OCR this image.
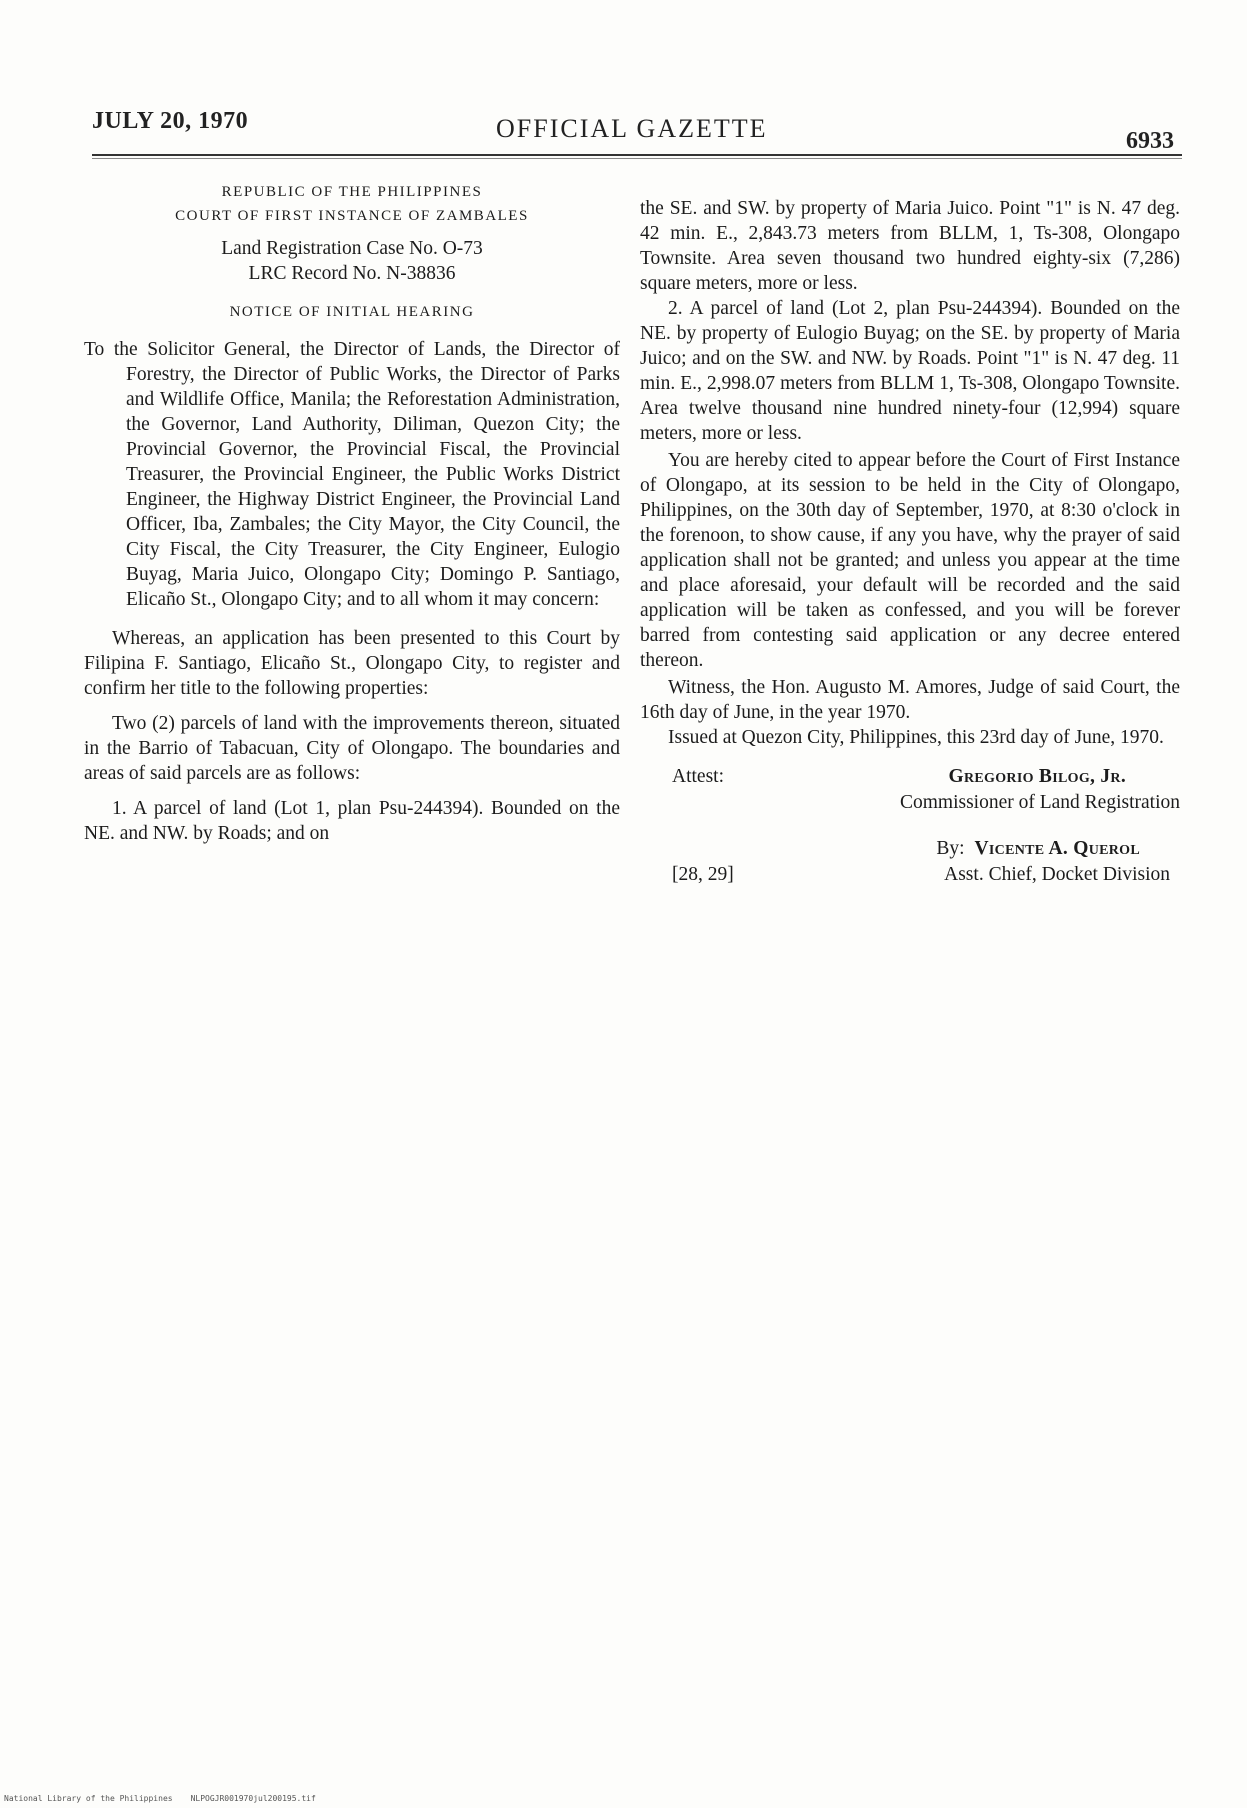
JULY 20, 1970	OFFICIAL GAZETTE	6933

REPUBLIC OF THE PHILIPPINES

COURT OF FIRST INSTANCE OF ZAMBALES

Land Registration Case No. O-73

LRC Record No. N-38836

NOTICE OF INITIAL HEARING

To the Solicitor General, the Director of Lands, the Director of Forestry, the Director of Public Works, the Director of Parks and Wildlife Office, Manila; the Reforestation Administration, the Governor, Land Authority, Diliman, Quezon City; the Provincial Governor, the Provincial Fiscal, the Provincial Treasurer, the Provincial Engineer, the Public Works District Engineer, the Highway District Engineer, the Provincial Land Officer, Iba, Zambales; the City Mayor, the City Council, the City Fiscal, the City Treasurer, the City Engineer, Eulogio Buyag, Maria Juico, Olongapo City; Domingo P. Santiago, Elicaño St., Olongapo City; and to all whom it may concern:

Whereas, an application has been presented to this Court by Filipina F. Santiago, Elicaño St., Olongapo City, to register and confirm her title to the following properties:

Two (2) parcels of land with the improvements thereon, situated in the Barrio of Tabacuan, City of Olongapo. The boundaries and areas of said parcels are as follows:

1. A parcel of land (Lot 1, plan Psu-244394). Bounded on the NE. and NW. by Roads; and on

the SE. and SW. by property of Maria Juico. Point "1" is N. 47 deg. 42 min. E., 2,843.73 meters from BLLM, 1, Ts-308, Olongapo Townsite. Area seven thousand two hundred eighty-six (7,286) square meters, more or less.

2. A parcel of land (Lot 2, plan Psu-244394). Bounded on the NE. by property of Eulogio Buyag; on the SE. by property of Maria Juico; and on the SW. and NW. by Roads. Point "1" is N. 47 deg. 11 min. E., 2,998.07 meters from BLLM 1, Ts-308, Olongapo Townsite. Area twelve thousand nine hundred ninety-four (12,994) square meters, more or less.

You are hereby cited to appear before the Court of First Instance of Olongapo, at its session to be held in the City of Olongapo, Philippines, on the 30th day of September, 1970, at 8:30 o'clock in the forenoon, to show cause, if any you have, why the prayer of said application shall not be granted; and unless you appear at the time and place aforesaid, your default will be recorded and the said application will be taken as confessed, and you will be forever barred from contesting said application or any decree entered thereon.

Witness, the Hon. Augusto M. Amores, Judge of said Court, the 16th day of June, in the year 1970.

Issued at Quezon City, Philippines, this 23rd day of June, 1970.

Attest:	Gregorio Bilog, Jr.
Commissioner of Land Registration
By: Vicente A. Querol
[28, 29]	Asst. Chief, Docket Division
National Library of the Philippines NLPOGJR001970jul200195.tif
